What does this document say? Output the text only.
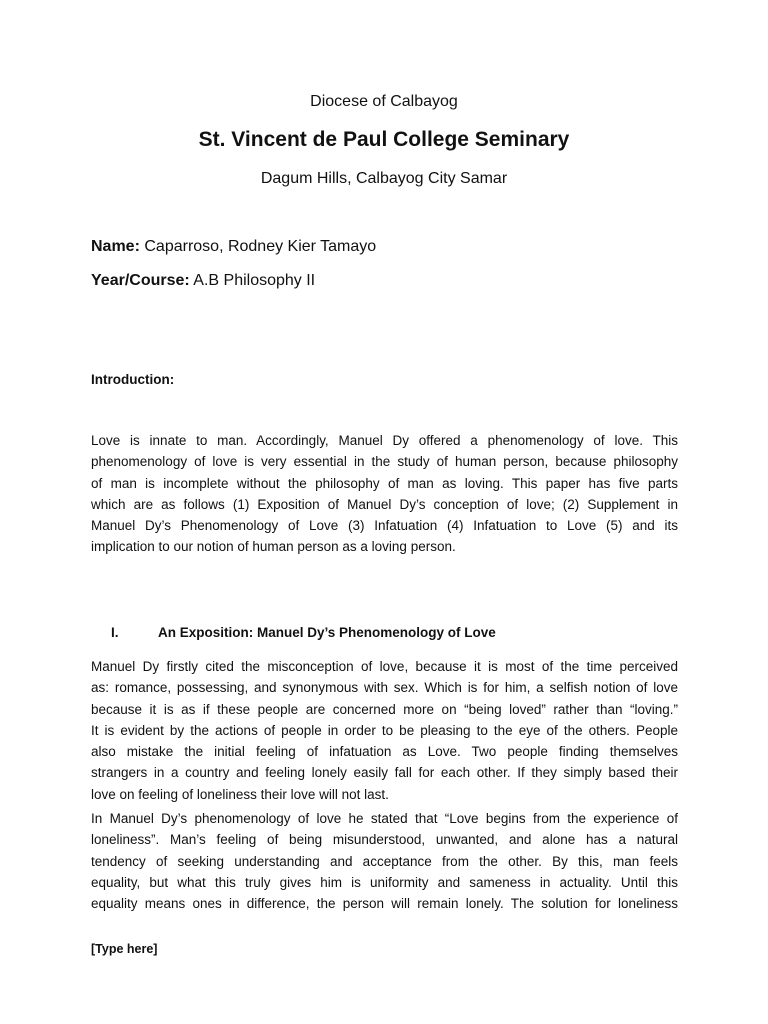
Diocese of Calbayog
St. Vincent de Paul College Seminary
Dagum Hills, Calbayog City Samar
Name: Caparroso, Rodney Kier Tamayo
Year/Course: A.B Philosophy II
Introduction:
Love is innate to man. Accordingly, Manuel Dy offered a phenomenology of love. This
phenomenology of love is very essential in the study of human person, because philosophy
of man is incomplete without the philosophy of man as loving. This paper has five parts
which are as follows (1) Exposition of Manuel Dy’s conception of love; (2) Supplement in
Manuel Dy’s Phenomenology of Love (3) Infatuation (4) Infatuation to Love (5) and its
implication to our notion of human person as a loving person.
I.	An Exposition: Manuel Dy’s Phenomenology of Love
Manuel Dy firstly cited the misconception of love, because it is most of the time perceived
as: romance, possessing, and synonymous with sex. Which is for him, a selfish notion of love
because it is as if these people are concerned more on “being loved” rather than “loving.”
It is evident by the actions of people in order to be pleasing to the eye of the others. People
also mistake the initial feeling of infatuation as Love. Two people finding themselves
strangers in a country and feeling lonely easily fall for each other. If they simply based their
love on feeling of loneliness their love will not last.
In Manuel Dy’s phenomenology of love he stated that “Love begins from the experience of
loneliness”. Man’s feeling of being misunderstood, unwanted, and alone has a natural
tendency of seeking understanding and acceptance from the other. By this, man feels
equality, but what this truly gives him is uniformity and sameness in actuality. Until this
equality means ones in difference, the person will remain lonely. The solution for loneliness
[Type here]
